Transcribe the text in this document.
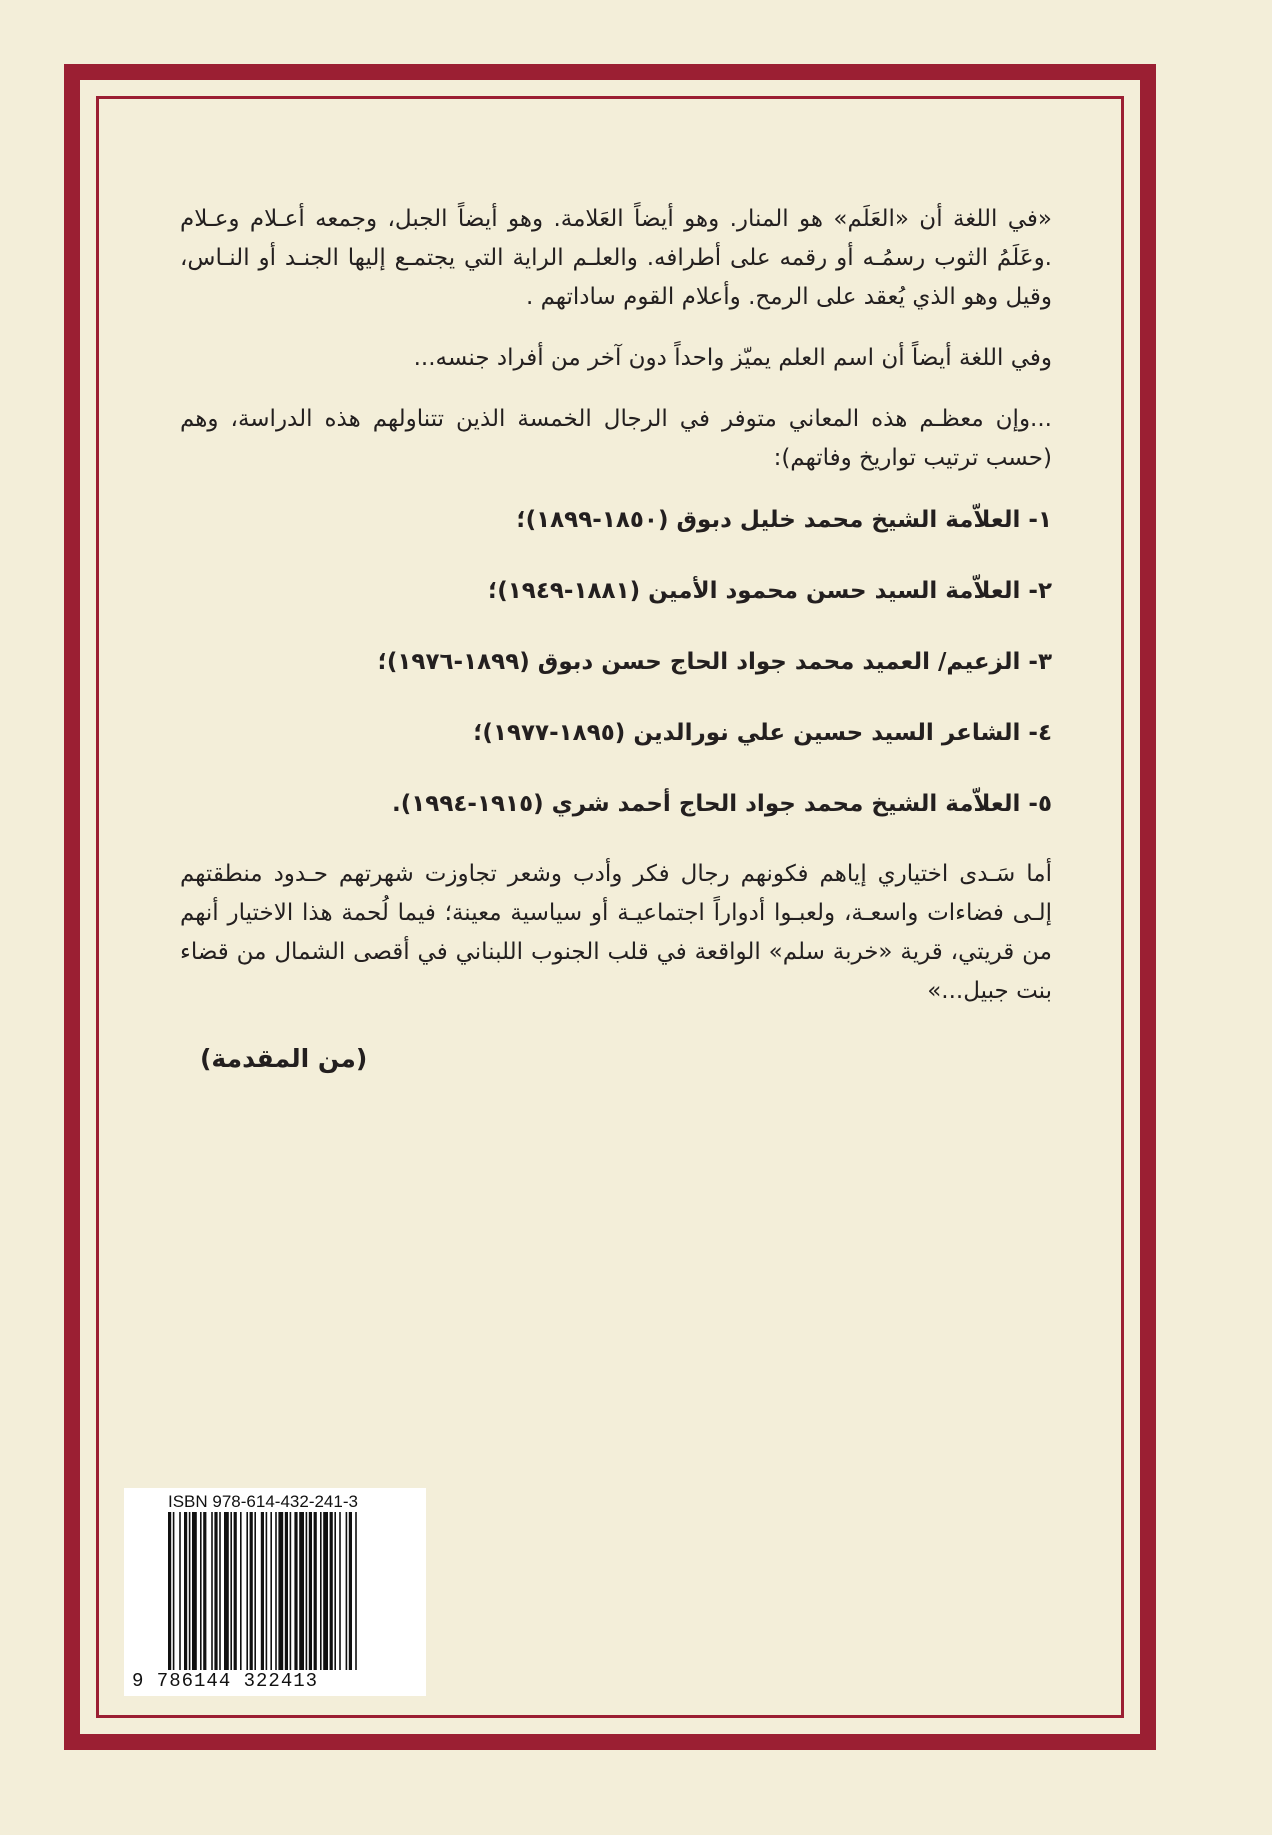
«في اللغة أن «العَلَم» هو المنار. وهو أيضاً العَلامة. وهو أيضاً الجبل، وجمعه أعـلام وعـلام .وعَلَمُ الثوب رسمُـه أو رقمه على أطرافه. والعلـم الراية التي يجتمـع إليها الجنـد أو النـاس، وقيل وهو الذي يُعقد على الرمح. وأعلام القوم ساداتهم .

وفي اللغة أيضاً أن اسم العلم يميّز واحداً دون آخر من أفراد جنسه...

...وإن معظـم هذه المعاني متوفر في الرجال الخمسة الذين تتناولهم هذه الدراسة، وهم (حسب ترتيب تواريخ وفاتهم):

١- العلاّمة الشيخ محمد خليل دبوق (١٨٥٠-١٨٩٩)؛
٢- العلاّمة السيد حسن محمود الأمين (١٨٨١-١٩٤٩)؛
٣- الزعيم/ العميد محمد جواد الحاج حسن دبوق (١٨٩٩-١٩٧٦)؛
٤- الشاعر السيد حسين علي نورالدين (١٨٩٥-١٩٧٧)؛
٥- العلاّمة الشيخ محمد جواد الحاج أحمد شري (١٩١٥-١٩٩٤).

أما سَـدى اختياري إياهم فكونهم رجال فكر وأدب وشعر تجاوزت شهرتهم حـدود منطقتهم إلـى فضاءات واسعـة، ولعبـوا أدواراً اجتماعيـة أو سياسية معينة؛ فيما لُحمة هذا الاختيار أنهم من قريتي، قرية «خربة سلم» الواقعة في قلب الجنوب اللبناني في أقصى الشمال من قضاء بنت جبيل...»

(من المقدمة)
ISBN 978-614-432-241-3
9 786144 322413
